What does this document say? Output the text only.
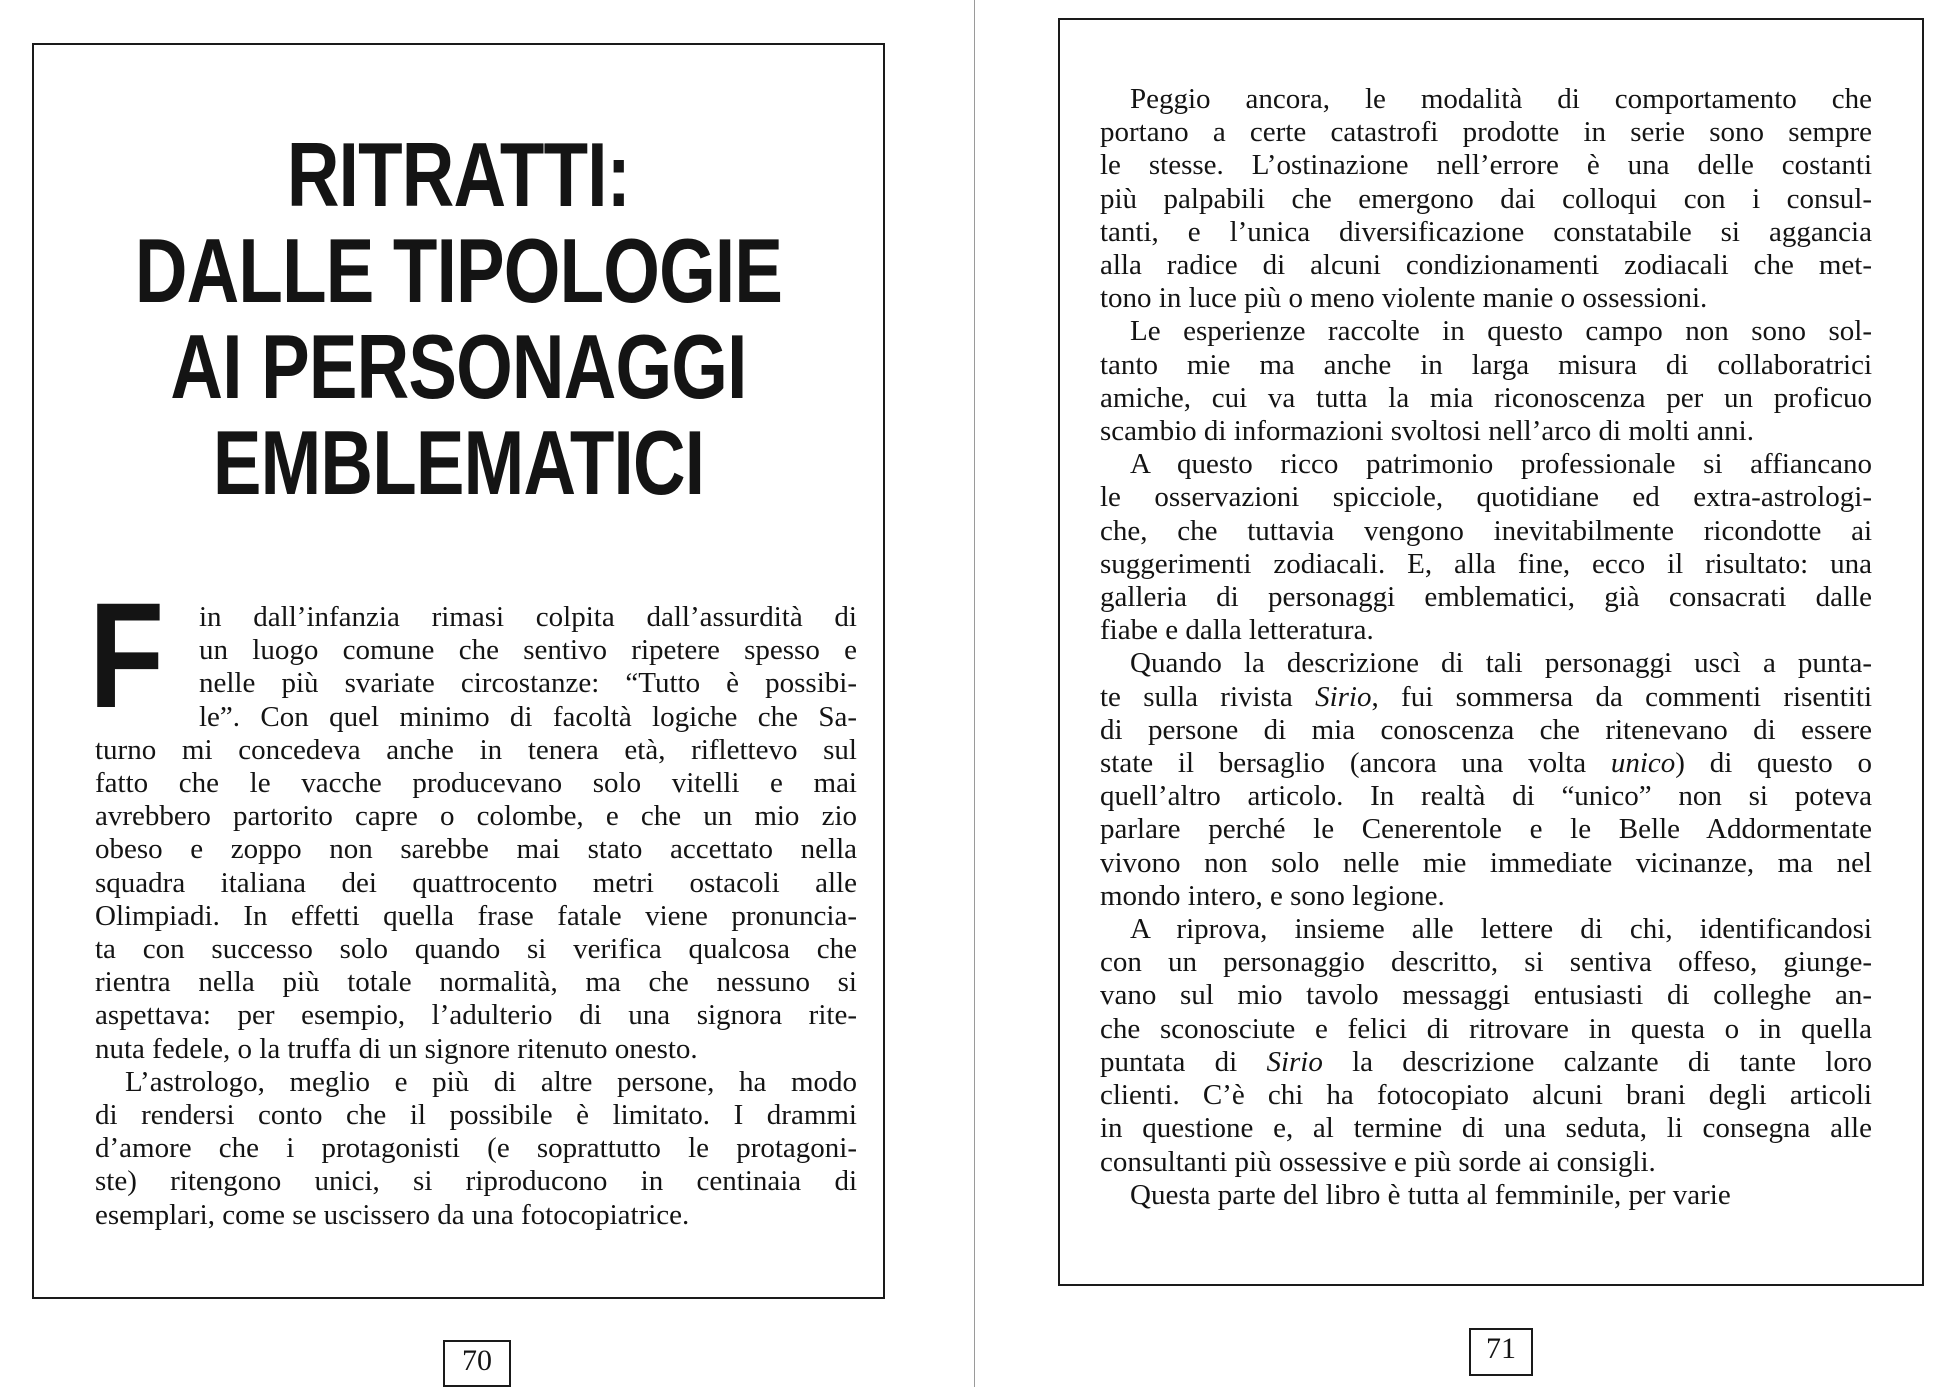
RITRATTI:
DALLE TIPOLOGIE
AI PERSONAGGI
EMBLEMATICI
F	in dall’infanzia rimasi colpita dall’assurdità di
un luogo comune che sentivo ripetere spesso e
nelle più svariate circostanze: “Tutto è possibi-
le”. Con quel minimo di facoltà logiche che Sa-
turno mi concedeva anche in tenera età, riflettevo sul
fatto che le vacche producevano solo vitelli e mai
avrebbero partorito capre o colombe, e che un mio zio
obeso e zoppo non sarebbe mai stato accettato nella
squadra italiana dei quattrocento metri ostacoli alle
Olimpiadi. In effetti quella frase fatale viene pronuncia-
ta con successo solo quando si verifica qualcosa che
rientra nella più totale normalità, ma che nessuno si
aspettava: per esempio, l’adulterio di una signora rite-
nuta fedele, o la truffa di un signore ritenuto onesto.

L’astrologo, meglio e più di altre persone, ha modo
di rendersi conto che il possibile è limitato. I drammi
d’amore che i protagonisti (e soprattutto le protagoni-
ste) ritengono unici, si riproducono in centinaia di
esemplari, come se uscissero da una fotocopiatrice.

Peggio ancora, le modalità di comportamento che
portano a certe catastrofi prodotte in serie sono sempre
le stesse. L’ostinazione nell’errore è una delle costanti
più palpabili che emergono dai colloqui con i consul-
tanti, e l’unica diversificazione constatabile si aggancia
alla radice di alcuni condizionamenti zodiacali che met-
tono in luce più o meno violente manie o ossessioni.

Le esperienze raccolte in questo campo non sono sol-
tanto mie ma anche in larga misura di collaboratrici
amiche, cui va tutta la mia riconoscenza per un proficuo
scambio di informazioni svoltosi nell’arco di molti anni.

A questo ricco patrimonio professionale si affiancano
le osservazioni spicciole, quotidiane ed extra-astrologi-
che, che tuttavia vengono inevitabilmente ricondotte ai
suggerimenti zodiacali. E, alla fine, ecco il risultato: una
galleria di personaggi emblematici, già consacrati dalle
fiabe e dalla letteratura.

Quando la descrizione di tali personaggi uscì a punta-
te sulla rivista Sirio, fui sommersa da commenti risentiti
di persone di mia conoscenza che ritenevano di essere
state il bersaglio (ancora una volta unico) di questo o
quell’altro articolo. In realtà di “unico” non si poteva
parlare perché le Cenerentole e le Belle Addormentate
vivono non solo nelle mie immediate vicinanze, ma nel
mondo intero, e sono legione.

A riprova, insieme alle lettere di chi, identificandosi
con un personaggio descritto, si sentiva offeso, giunge-
vano sul mio tavolo messaggi entusiasti di colleghe an-
che sconosciute e felici di ritrovare in questa o in quella
puntata di Sirio la descrizione calzante di tante loro
clienti. C’è chi ha fotocopiato alcuni brani degli articoli
in questione e, al termine di una seduta, li consegna alle
consultanti più ossessive e più sorde ai consigli.

Questa parte del libro è tutta al femminile, per varie

70	71
